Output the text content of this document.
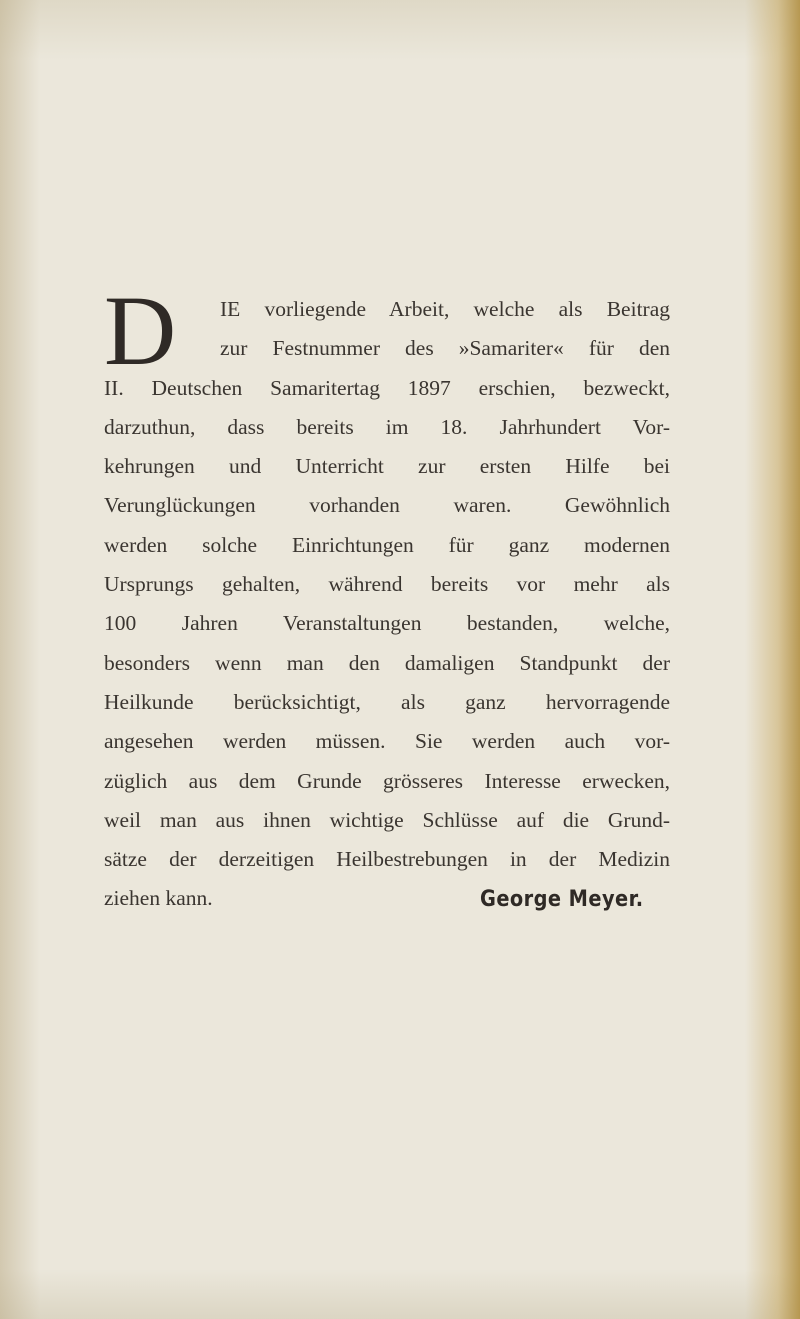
D	IE vorliegende Arbeit, welche als Beitrag
zur Festnummer des »Samariter« für den
II. Deutschen Samaritertag 1897 erschien, bezweckt,
darzuthun, dass bereits im 18. Jahrhundert Vor-
kehrungen und Unterricht zur ersten Hilfe bei
Verunglückungen vorhanden waren. Gewöhnlich
werden solche Einrichtungen für ganz modernen
Ursprungs gehalten, während bereits vor mehr als
100 Jahren Veranstaltungen bestanden, welche,
besonders wenn man den damaligen Standpunkt der
Heilkunde berücksichtigt, als ganz hervorragende
angesehen werden müssen. Sie werden auch vor-
züglich aus dem Grunde grösseres Interesse erwecken,
weil man aus ihnen wichtige Schlüsse auf die Grund-
sätze der derzeitigen Heilbestrebungen in der Medizin
ziehen kann.	George Meyer.
